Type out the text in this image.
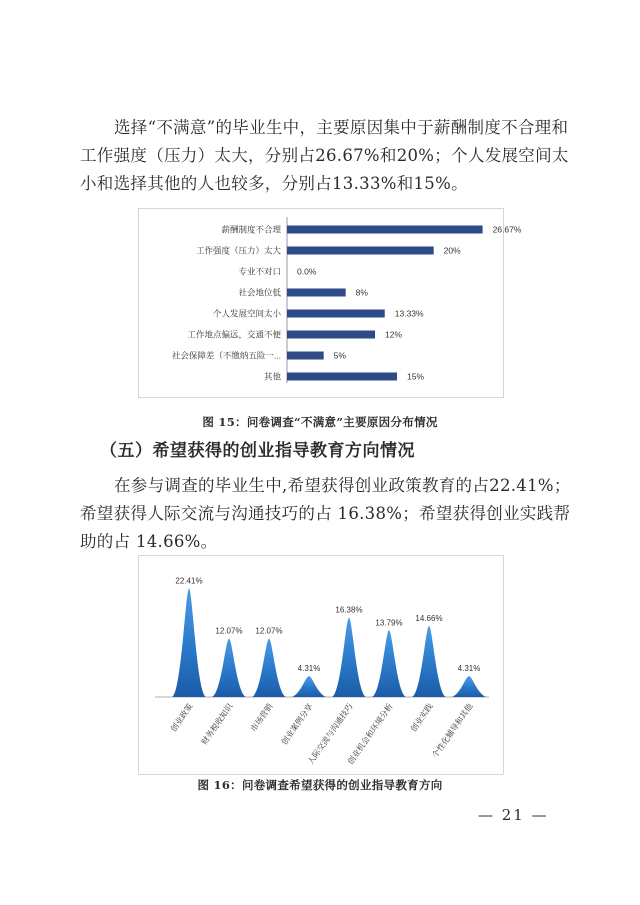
选择“不满意”的毕业生中，主要原因集中于薪酬制度不合理和工作强度（压力）太大，分别占26.67%和20%；个人发展空间太小和选择其他的人也较多，分别占13.33%和15%。

薪酬制度不合理	26.67%
工作强度（压力）太大	20%
专业不对口 0.0%
社会地位低	8%
个人发展空间太小	13.33%
工作地点偏远，交通不便	12%
社会保障差（不缴纳五险一...	5%
其他	15%

图 15：问卷调查“不满意”主要原因分布情况

（五）希望获得的创业指导教育方向情况

在参与调查的毕业生中,希望获得创业政策教育的占22.41%；希望获得人际交流与沟通技巧的占 16.38%；希望获得创业实践帮助的占 14.66%。

22.41%
创业政策
12.07%
财务税收知识
12.07%
市场营销
4.31%
创业案例分享
16.38%
人际交流与沟通技巧
13.79%
创业机会和环境分析
14.66%
创业实践
4.31%
个性化辅导和其他

图 16：问卷调查希望获得的创业指导教育方向

— 21 —
